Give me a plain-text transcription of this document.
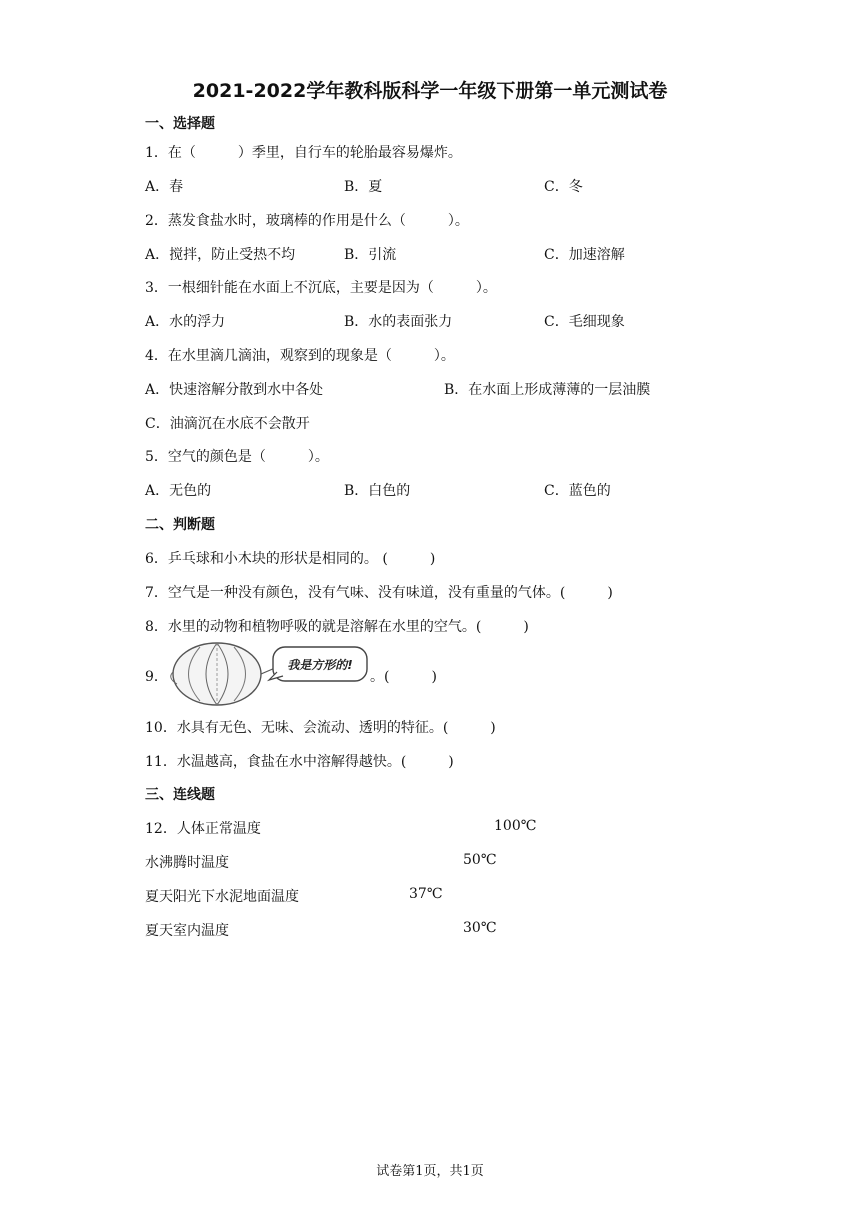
2021-2022学年教科版科学一年级下册第一单元测试卷
一、选择题
1．在（　　　）季里，自行车的轮胎最容易爆炸。
A．春	B．夏	C．冬
2．蒸发食盐水时，玻璃棒的作用是什么（　　　）。
A．搅拌，防止受热不均	B．引流	C．加速溶解
3．一根细针能在水面上不沉底，主要是因为（　　　）。
A．水的浮力	B．水的表面张力	C．毛细现象
4．在水里滴几滴油，观察到的现象是（　　　）。
A．快速溶解分散到水中各处	B．在水面上形成薄薄的一层油膜
C．油滴沉在水底不会散开
5．空气的颜色是（　　　）。
A．无色的	B．白色的	C．蓝色的
二、判断题
6．乒乓球和小木块的形状是相同的。 (　　　)
7．空气是一种没有颜色，没有气味、没有味道，没有重量的气体。(　　　)
8．水里的动物和植物呼吸的就是溶解在水里的空气。(　　　)
9．
我是方形的!
。(　　　)
10．水具有无色、无味、会流动、透明的特征。(　　　)
11．水温越高，食盐在水中溶解得越快。(　　　)
三、连线题
12．人体正常温度	100℃
水沸腾时温度	50℃
夏天阳光下水泥地面温度	37℃
夏天室内温度	30℃
试卷第1页，共1页
